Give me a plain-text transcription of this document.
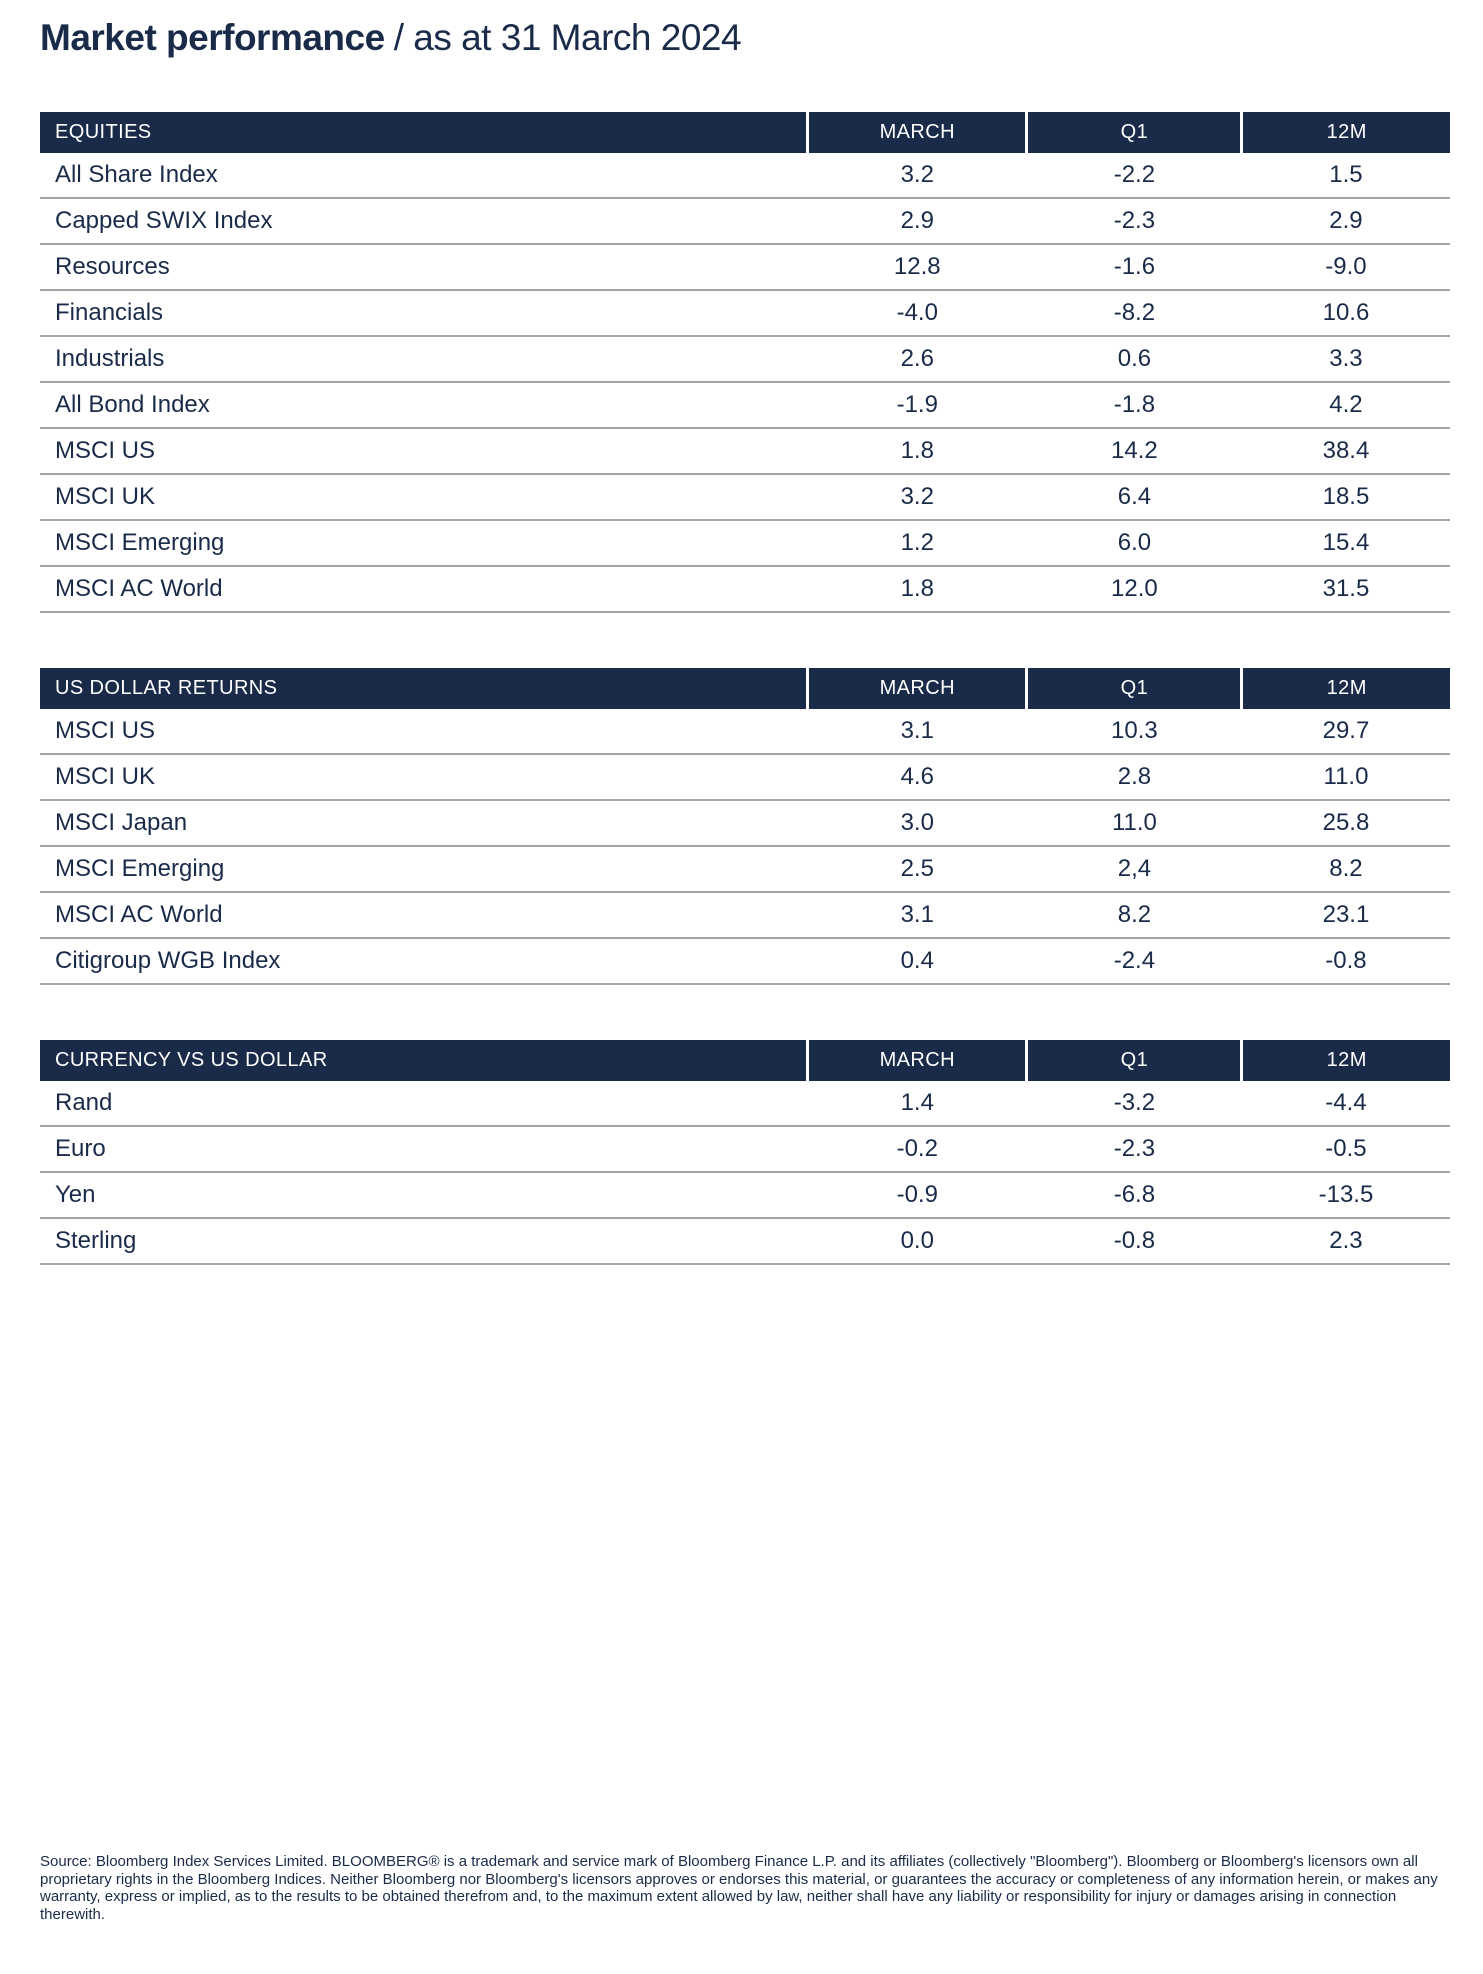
Market performance / as at 31 March 2024
EQUITIES	MARCH	Q1	12M
All Share Index	3.2	-2.2	1.5
Capped SWIX Index	2.9	-2.3	2.9
Resources	12.8	-1.6	-9.0
Financials	-4.0	-8.2	10.6
Industrials	2.6	0.6	3.3
All Bond Index	-1.9	-1.8	4.2
MSCI US	1.8	14.2	38.4
MSCI UK	3.2	6.4	18.5
MSCI Emerging	1.2	6.0	15.4
MSCI AC World	1.8	12.0	31.5
US DOLLAR RETURNS	MARCH	Q1	12M
MSCI US	3.1	10.3	29.7
MSCI UK	4.6	2.8	11.0
MSCI Japan	3.0	11.0	25.8
MSCI Emerging	2.5	2,4	8.2
MSCI AC World	3.1	8.2	23.1
Citigroup WGB Index	0.4	-2.4	-0.8
CURRENCY VS US DOLLAR	MARCH	Q1	12M
Rand	1.4	-3.2	-4.4
Euro	-0.2	-2.3	-0.5
Yen	-0.9	-6.8	-13.5
Sterling	0.0	-0.8	2.3

Source: Bloomberg Index Services Limited. BLOOMBERG® is a trademark and service mark of Bloomberg Finance L.P. and its affiliates (collectively "Bloomberg"). Bloomberg or Bloomberg's licensors own all proprietary rights in the Bloomberg Indices. Neither Bloomberg nor Bloomberg's licensors approves or endorses this material, or guarantees the accuracy or completeness of any information herein, or makes any warranty, express or implied, as to the results to be obtained therefrom and, to the maximum extent allowed by law, neither shall have any liability or responsibility for injury or damages arising in connection therewith.
